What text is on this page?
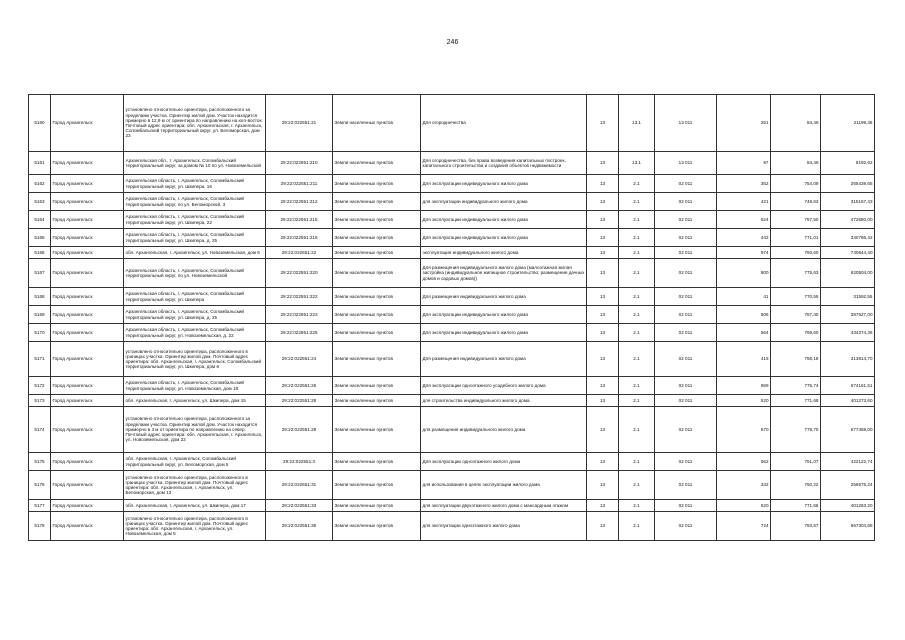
246
5160	Город Архангельск	установлено относительно ориентира, расположенного за пределами участка. Ориентир жилой дом. Участок находится примерно в 12,9 м от ориентира по направлению на юго-восток. Почтовый адрес ориентира: обл. Архангельская, г. Архангельск, Соломбальский территориальный округ, ул. Беломорская, дом 23	29:22:022551:21	Земли населенных пунктов	Для огородничества	13	13.1	13 011	251	84,46	21199,46
5161	Город Архангельск	Архангельская обл., г. Архангельск, Соломбальский территориальный округ, за домом № 10 по ул. Новоземельской	29:22:022551:210	Земли населенных пунктов	Для огородничества, без права возведения капитальных построек, капитального строительства и создания объектов недвижимости	13	13.1	13 011	97	84,46	8192,62
5162	Город Архангельск	Архангельская область, г. Архангельск, Соломбальский территориальный округ, ул. Шкипера, 16	29:22:022551:211	Земли населенных пунктов	Для эксплуатации индивидуального жилого дома	13	2.1	02 011	352	754,09	265439,65
5163	Город Архангельск	Архангельская область, г. Архангельск, Соломбальский территориальный округ, по ул. Беломорской, 3	29:22:022551:212	Земли населенных пунктов	для эксплуатации индивидуального жилого дома	13	2.1	02 011	421	748,63	315167,43
5164	Город Архангельск	Архангельская область, г. Архангельск, Соломбальский территориальный округ, ул. Шкипера, 22	29:22:022551:215	Земли населенных пунктов	Для эксплуатации индивидуального жилого дома	13	2.1	02 011	624	757,50	472680,00
5165	Город Архангельск	Архангельская область, г. Архангельск, Соломбальский территориальный округ, ул. Шкипера, д. 25	29:22:022551:216	Земли населенных пунктов	Для эксплуатации индивидуального жилого дома	13	2.1	02 011	442	771,01	340786,42
5166	Город Архангельск	обл. Архангельская, г. Архангельск, ул. Новоземельская, дом 6	29:22:022551:22	Земли населенных пунктов	эксплуатация индивидуального жилого дома	13	2.1	02 011	974	760,60	740844,40
5167	Город Архангельск	Архангельская область, г. Архангельск, Соломбальский территориальный округ, по ул. Новоземельской	29:22:022551:220	Земли населенных пунктов	Для размещения индивидуального жилого дома (малоэтажная жилая застройка (индивидуальное жилищное строительство; размещение дачных домов и садовых домов))	13	2.1	02 011	800	775,63	620504,00
5168	Город Архангельск	Архангельская область, г. Архангельск, Соломбальский территориальный округ, ул. Шкипера	29:22:022551:222	Земли населенных пунктов	Для размещения индивидуального жилого дома	13	2.1	02 011	41	770,55	31592,55
5169	Город Архангельск	Архангельская область, г. Архангельск, Соломбальский территориальный округ, ул. Шкипера, д. 25	29:22:022551:223	Земли населенных пунктов	Для эксплуатации индивидуального жилого дома	13	2.1	02 011	506	767,40	387527,00
5170	Город Архангельск	Архангельская область, г. Архангельск, Соломбальский территориальный округ, ул. Новоземельская, д. 22	29:22:022551:225	Земли населенных пунктов	Для эксплуатации индивидуального жилого дома	13	2.1	02 011	564	769,60	434274,36
5171	Город Архангельск	установлено относительно ориентира, расположенного в границах участка. Ориентир жилой дом. Почтовый адрес ориентира: обл. Архангельская, г. Архангельск, Соломбальский территориальный округ, ул. Шкипера, дом 6	29:22:022551:24	Земли населенных пунктов	Для размещения индивидуального жилого дома	13	2.1	02 011	415	756,18	313814,70
5172	Город Архангельск	Архангельская область, г. Архангельск, Соломбальский территориальный округ, ул. Новоземельская, дом 18	29:22:022551:26	Земли населенных пунктов	Для эксплуатации одноэтажного усадебного жилого дома	13	2.1	02 011	869	775,74	674161,51
5173	Город Архангельск	обл. Архангельская, г. Архангельск, ул. Шкипера, дом 15	29:22:022551:28	Земли населенных пунктов	для строительства индивидуального жилого дома	13	2.1	02 011	520	771,68	401273,60
5174	Город Архангельск	установлено относительно ориентира, расположенного за пределами участка. Ориентир жилой дом. Участок находится примерно в 3 м от ориентира по направлению на север. Почтовый адрес ориентира: обл. Архангельская, г. Архангельск, ул. Новоземельская, дом 22	29:22:022551:29	Земли населенных пунктов	для размещения индивидуального жилого дома	13	2.1	02 011	870	778,70	677469,00
5175	Город Архангельск	обл. Архангельская, г. Архангельск, Соломбальский территориальный округ, ул. Беломорская, дом 5	29:22:022551:3	Земли населенных пунктов	Для эксплуатации одноэтажного жилого дома	13	2.1	02 011	562	751,07	422122,74
5176	Город Архангельск	установлено относительно ориентира, расположенного в границах участка. Ориентир жилой дом. Почтовый адрес ориентира: обл. Архангельская, г. Архангельск, ул. Беломорская, дом 13	29:22:022551:31	Земли населенных пунктов	для использования в целях эксплуатации жилого дома	13	2.1	02 011	342	750,22	256575,24
5177	Город Архангельск	обл. Архангельская, г. Архангельск, ул. Шкипера, дом 17	29:22:022551:33	Земли населенных пунктов	для эксплуатации двухэтажного жилого дома с мансардным этажом	13	2.1	02 011	520	771,66	401263,20
5178	Город Архангельск	установлено относительно ориентира, расположенного в границах участка. Ориентир жилой дом. Почтовый адрес ориентира: обл. Архангельская, г. Архангельск, ул. Новоземельская, дом 5	29:22:022551:35	Земли населенных пунктов	для эксплуатации одноэтажного жилого дома	13	2.1	02 011	724	783,57	567304,68
